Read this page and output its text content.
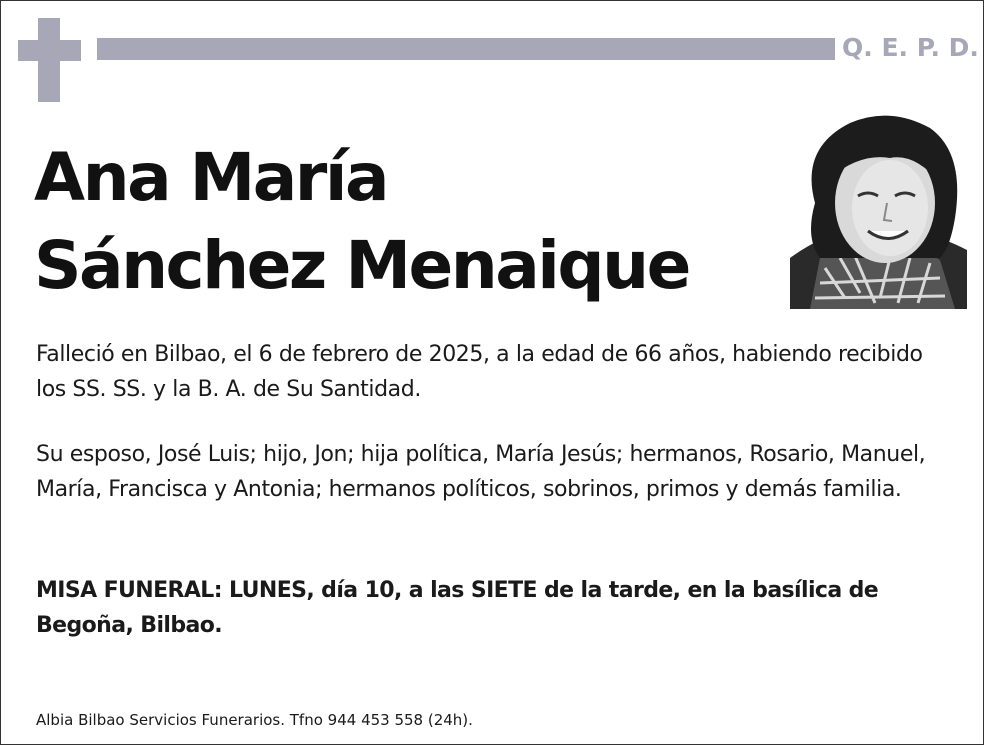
Q. E. P. D.
Ana María
Sánchez Menaique
Falleció en Bilbao, el 6 de febrero de 2025, a la edad de 66 años, habiendo recibido los SS. SS. y la B. A. de Su Santidad.
Su esposo, José Luis; hijo, Jon; hija política, María Jesús; hermanos, Rosario, Manuel, María, Francisca y Antonia; hermanos políticos, sobrinos, primos y demás familia.
MISA FUNERAL: LUNES, día 10, a las SIETE de la tarde, en la basílica de Begoña, Bilbao.
Albia Bilbao Servicios Funerarios. Tfno 944 453 558 (24h).
